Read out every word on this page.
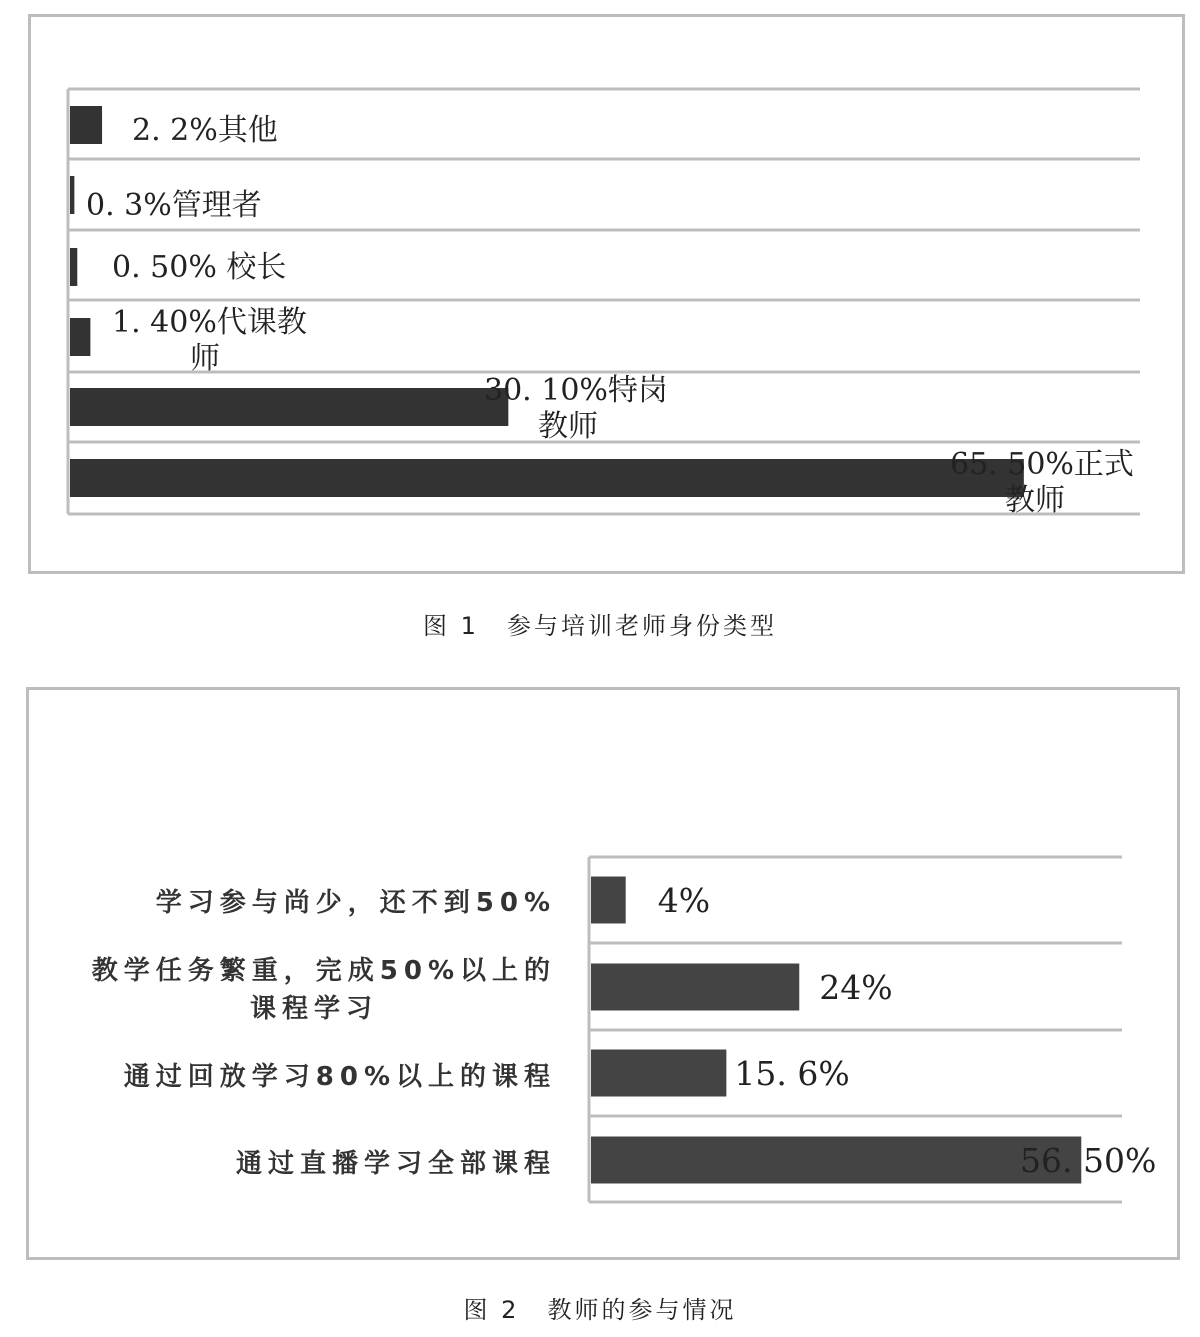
2. 2%其他
0. 3%管理者
0. 50% 校长
1. 40%代课教师
30. 10%特岗教师
65. 50%正式教师
图 1 参与培训老师身份类型
4%
学习参与尚少，还不到50%
24%
教学任务繁重，完成50%以上的课程学习
15. 6%
通过回放学习80%以上的课程
56. 50%
通过直播学习全部课程
图 2 教师的参与情况
